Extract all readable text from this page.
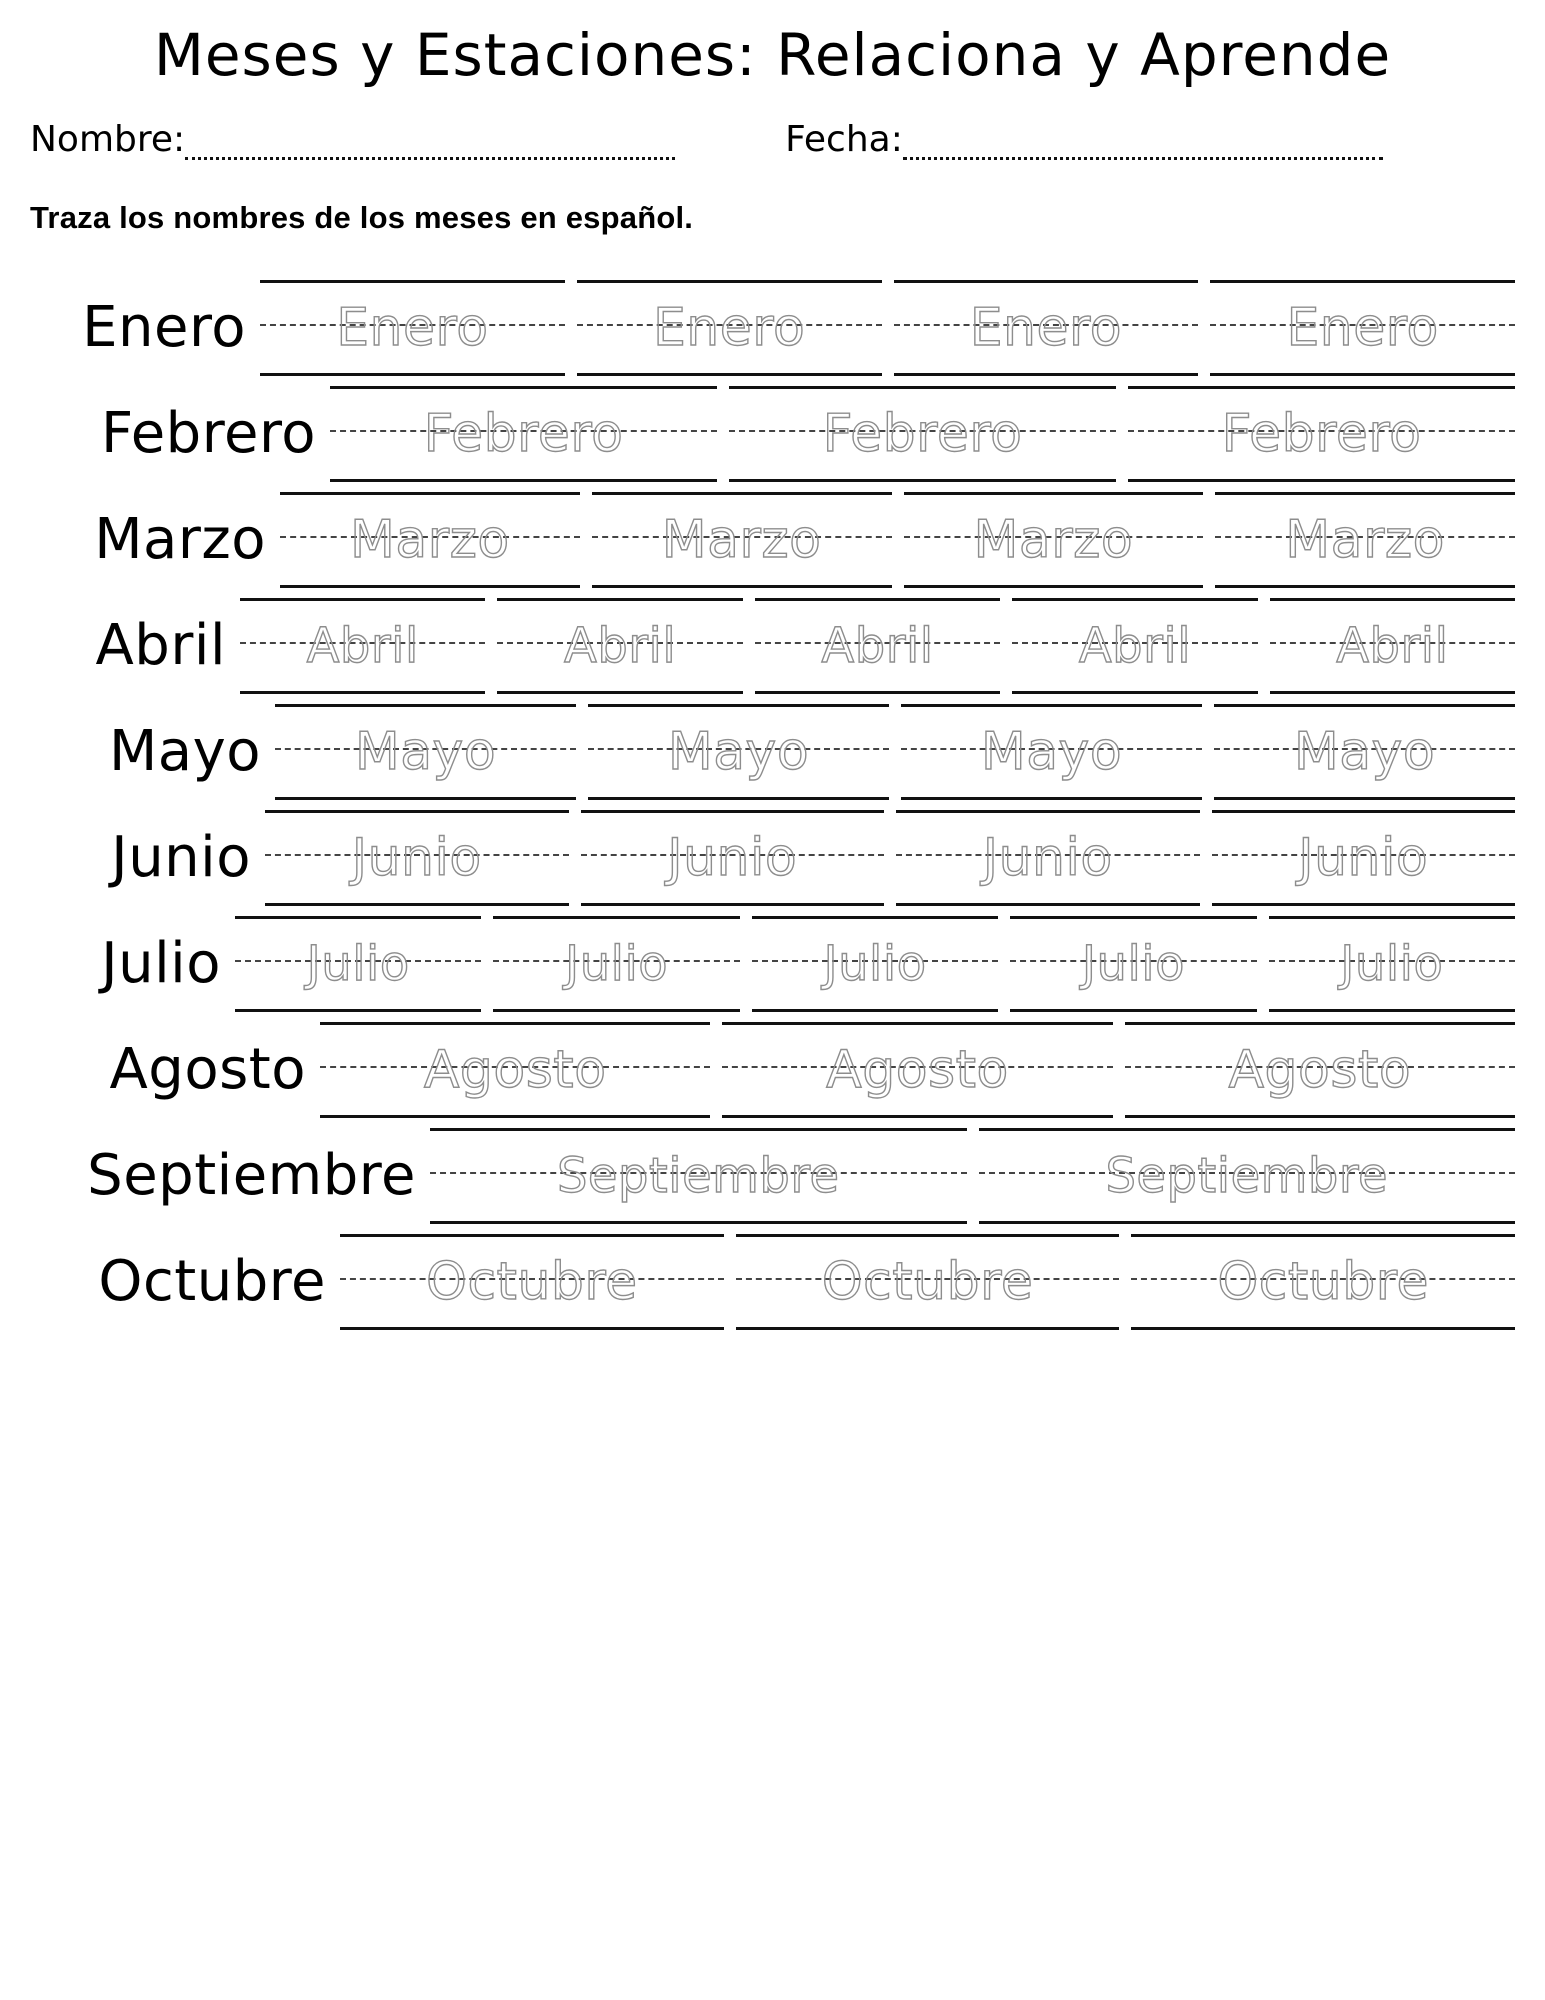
Meses y Estaciones: Relaciona y Aprende
Nombre:	Fecha:
Traza los nombres de los meses en español.
Enero	Enero	Enero	Enero	Enero
Febrero	Febrero	Febrero	Febrero
Marzo	Marzo	Marzo	Marzo	Marzo
Abril	Abril	Abril	Abril	Abril	Abril
Mayo	Mayo	Mayo	Mayo	Mayo
Junio	Junio	Junio	Junio	Junio
Julio	Julio	Julio	Julio	Julio	Julio
Agosto	Agosto	Agosto	Agosto
Septiembre	Septiembre	Septiembre
Octubre	Octubre	Octubre	Octubre
